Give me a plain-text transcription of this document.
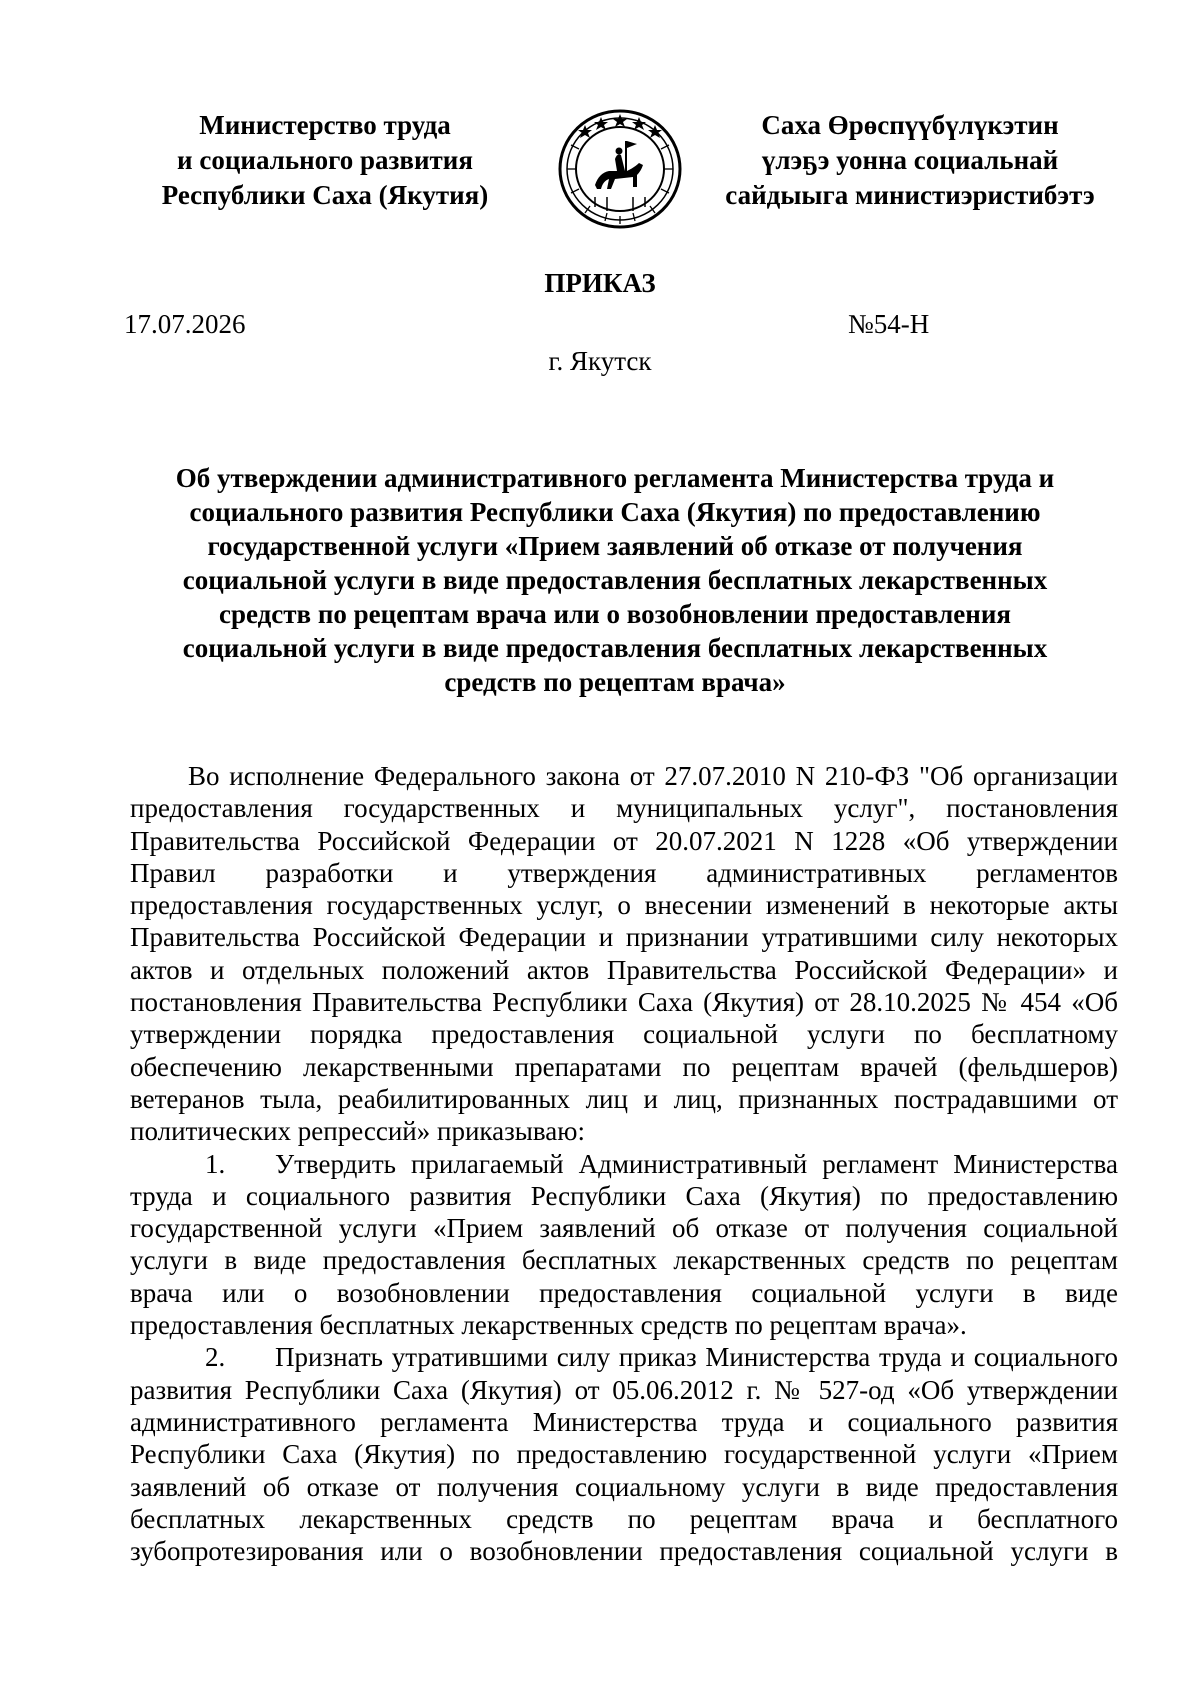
Министерство труда
и социального развития
Республики Саха (Якутия)
Саха Өрөспүүбүлүкэтин
үлэҕэ уонна социальнай
сайдыыга министиэристибэтэ
ПРИКАЗ
17.07.2026	№54-Н
г. Якутск
Об утверждении административного регламента Министерства труда и
социального развития Республики Саха (Якутия) по предоставлению
государственной услуги «Прием заявлений об отказе от получения
социальной услуги в виде предоставления бесплатных лекарственных
средств по рецептам врача или о возобновлении предоставления
социальной услуги в виде предоставления бесплатных лекарственных
средств по рецептам врача»
Во исполнение Федерального закона от 27.07.2010 N 210-ФЗ "Об организации
предоставления государственных и муниципальных услуг", постановления
Правительства Российской Федерации от 20.07.2021 N 1228 «Об утверждении
Правил разработки и утверждения административных регламентов
предоставления государственных услуг, о внесении изменений в некоторые акты
Правительства Российской Федерации и признании утратившими силу некоторых
актов и отдельных положений актов Правительства Российской Федерации» и
постановления Правительства Республики Саха (Якутия) от 28.10.2025 № 454 «Об
утверждении порядка предоставления социальной услуги по бесплатному
обеспечению лекарственными препаратами по рецептам врачей (фельдшеров)
ветеранов тыла, реабилитированных лиц и лиц, признанных пострадавшими от
политических репрессий» приказываю:
1. Утвердить прилагаемый Административный регламент Министерства
труда и социального развития Республики Саха (Якутия) по предоставлению
государственной услуги «Прием заявлений об отказе от получения социальной
услуги в виде предоставления бесплатных лекарственных средств по рецептам
врача или о возобновлении предоставления социальной услуги в виде
предоставления бесплатных лекарственных средств по рецептам врача».
2. Признать утратившими силу приказ Министерства труда и социального
развития Республики Саха (Якутия) от 05.06.2012 г. № 527-од «Об утверждении
административного регламента Министерства труда и социального развития
Республики Саха (Якутия) по предоставлению государственной услуги «Прием
заявлений об отказе от получения социальному услуги в виде предоставления
бесплатных лекарственных средств по рецептам врача и бесплатного
зубопротезирования или о возобновлении предоставления социальной услуги в
